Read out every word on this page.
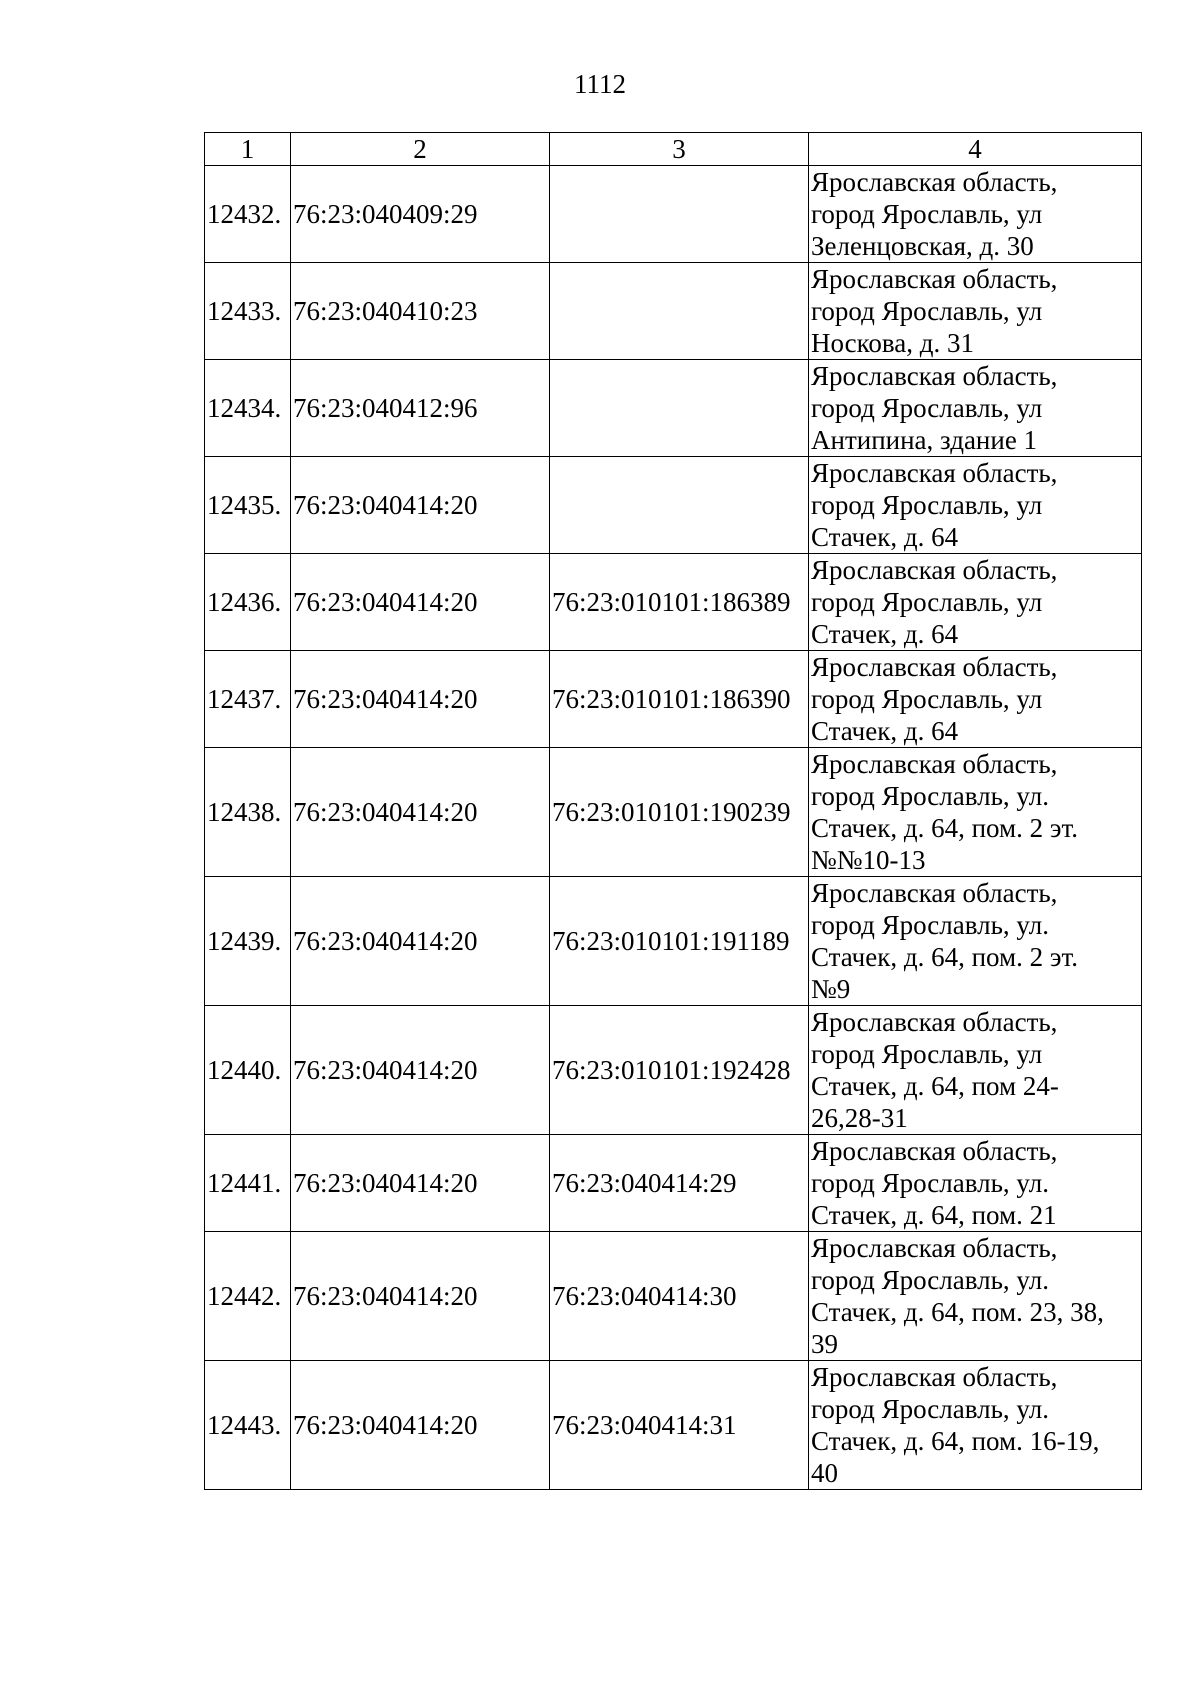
1112
1	2	3	4
12432.	76:23:040409:29		Ярославская область,
город Ярославль, ул
Зеленцовская, д. 30

12433.	76:23:040410:23		Ярославская область,
город Ярославль, ул
Носкова, д. 31

12434.	76:23:040412:96		Ярославская область,
город Ярославль, ул
Антипина, здание 1

12435.	76:23:040414:20		Ярославская область,
город Ярославль, ул
Стачек, д. 64

12436.	76:23:040414:20	76:23:010101:186389	Ярославская область,
город Ярославль, ул
Стачек, д. 64

12437.	76:23:040414:20	76:23:010101:186390	Ярославская область,
город Ярославль, ул
Стачек, д. 64

12438.	76:23:040414:20	76:23:010101:190239	Ярославская область,
город Ярославль, ул.
Стачек, д. 64, пом. 2 эт.
№№10-13

12439.	76:23:040414:20	76:23:010101:191189	Ярославская область,
город Ярославль, ул.
Стачек, д. 64, пом. 2 эт.
№9

12440.	76:23:040414:20	76:23:010101:192428	Ярославская область,
город Ярославль, ул
Стачек, д. 64, пом 24-
26,28-31

12441.	76:23:040414:20	76:23:040414:29	Ярославская область,
город Ярославль, ул.
Стачек, д. 64, пом. 21

12442.	76:23:040414:20	76:23:040414:30	Ярославская область,
город Ярославль, ул.
Стачек, д. 64, пом. 23, 38,
39

12443.	76:23:040414:20	76:23:040414:31	Ярославская область,
город Ярославль, ул.
Стачек, д. 64, пом. 16-19,
40
